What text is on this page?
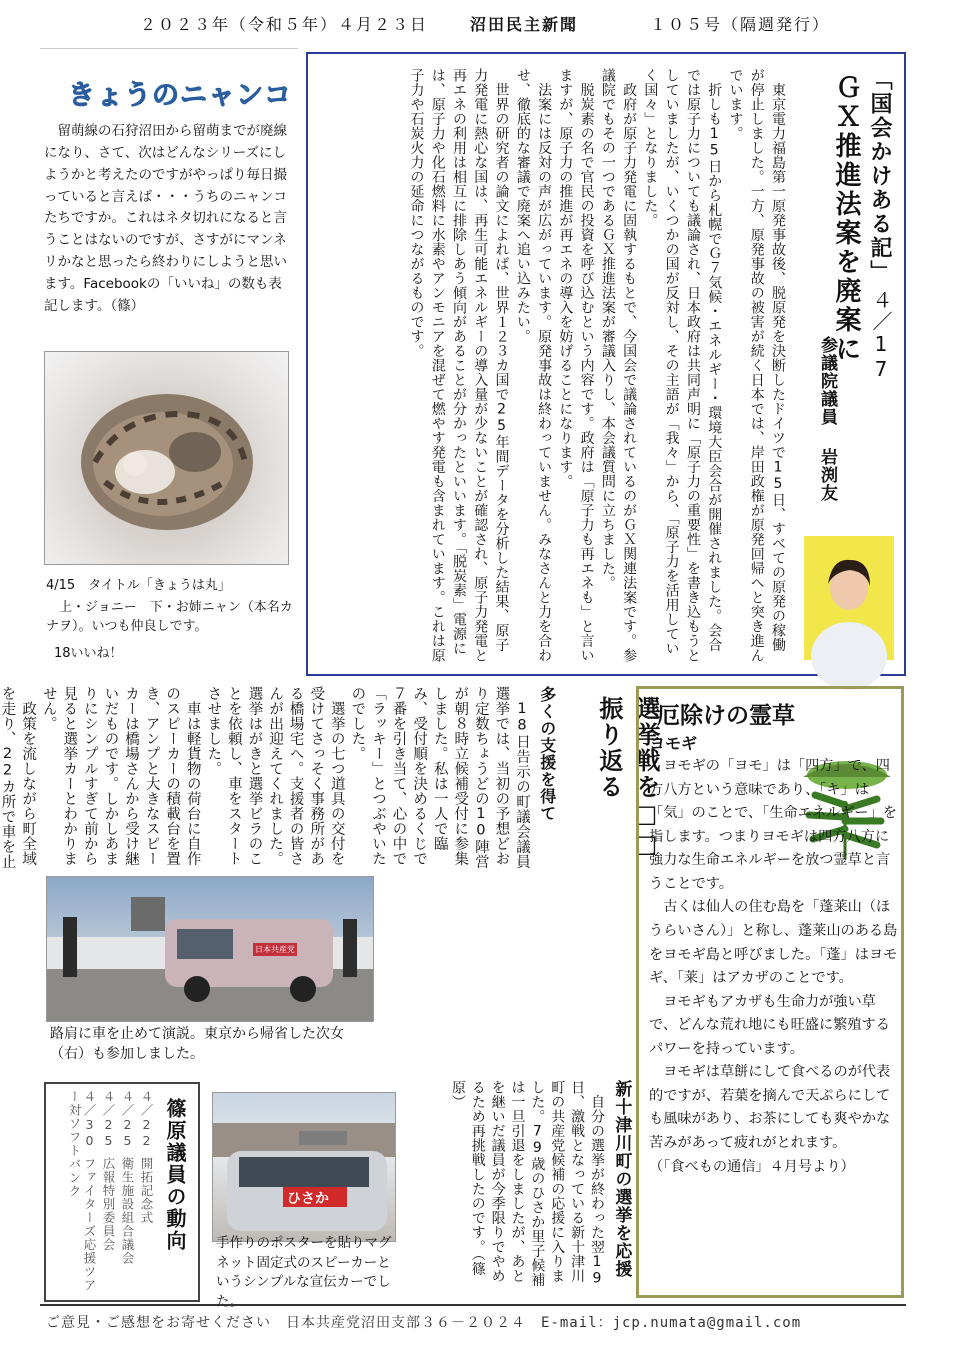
２０２３年（令和５年）４月２３日	沼田民主新聞	１０５号（隔週発行）
きょうのニャンコ
　留萌線の石狩沼田から留萌までが廃線になり、さて、次はどんなシリーズにしようかと考えたのですがやっぱり毎日撮っていると言えば・・・うちのニャンコたちですか。これはネタ切れになると言うことはないのですが、さすがにマンネリかなと思ったら終わりにしようと思います。Facebookの「いいね」の数も表記します。（篠）
4/15　タイトル「きょうは丸」
　上・ジョニー　下・お姉ニャン（本名カナヲ）。いつも仲良しです。
18いいね！
「国会かけある記」
４／17
ＧＸ推進法案を廃案に
参議院議員
岩渕友
　東京電力福島第一原発事故後、脱原発を決断したドイツで15日、すべての原発の稼働が停止しました。一方、原発事故の被害が続く日本では、岸田政権が原発回帰へと突き進んでいます。
　折しも15日から札幌でＧ７気候・エネルギー・環境大臣会合が開催されました。会合では原子力についても議論され、日本政府は共同声明に「原子力の重要性」を書き込もうとしていましたが、いくつかの国が反対し、その主語が「我々」から、「原子力を活用していく国々」となりました。
　政府が原子力発電に固執するもとで、今国会で議論されているのがＧＸ関連法案です。参議院でもその一つであるＧＸ推進法案が審議入りし、本会議質問に立ちました。
　脱炭素の名で官民の投資を呼び込むという内容です。政府は「原子力も再エネも」と言いますが、原子力の推進が再エネの導入を妨げることになります。
　法案には反対の声が広がっています。原発事故は終わっていません。みなさんと力を合わせ、徹底的な審議で廃案へ追い込みたい。
　世界の研究者の論文によれば、世界１２３カ国で25年間データを分析した結果、原子力発電に熱心な国は、再生可能エネルギーの導入量が少ないことが確認され、原子力発電と再エネの利用は相互に排除しあう傾向があることが分かったといいます。「脱炭素」電源には、原子力や化石燃料に水素やアンモニアを混ぜて燃やす発電も含まれています。これは原子力や石炭火力の延命につながるものです。
選挙戦を□□振り返る
多くの支援を得て
　18日告示の町議会議員選挙では、当初の予想どおり定数ちょうどの10陣営が朝８時立候補受付に参集しました。私は一人で臨み、受付順を決めるくじで７番を引き当て、心の中で「ラッキー」とつぶやいたのでした。
　選挙の七つ道具の交付を受けてさっそく事務所がある橋場宅へ。支援者の皆さんが出迎えてくれました。選挙はがきと選挙ビラのことを依頼し、車をスタートさせました。
　車は軽貨物の荷台に自作のスピーカーの積載台を置き、アンプと大きなスピーカーは橋場さんから受け継いだものです。しかしあまりにシンプルすぎて前から見ると選挙カーとわかりません。
　政策を流しながら町全域を走り、22カ所で車を止
日本共産党
路肩に車を止めて演説。東京から帰省した次女（右）も参加しました。
新十津川町の選挙を応援
　自分の選挙が終わった翌19日、激戦となっている新十津川町の共産党候補の応援に入りました。79歳のひさか里子候補は一旦引退をしましたが、あとを継いだ議員が今季限りでやめるため再挑戦したのです。（篠原）
ひさか
手作りのポスターを貼りマグネット固定式のスピーカーというシンプルな宣伝カーでした。
篠原議員の動向
４／22開拓記念式
４／25衛生施設組合議会
４／25広報特別委員会
４／30ファイターズ応援ツアー対ソフトバンク
厄除けの霊草
ヨモギ
　ヨモギの「ヨモ」は「四方」で、四方八方という意味であり、「キ」は「気」のことで、「生命エネルギー」を指します。つまりヨモギは四方八方に強力な生命エネルギーを放つ霊草と言うことです。
　古くは仙人の住む島を「蓬莱山（ほうらいさん）」と称し、蓬莱山のある島をヨモギ島と呼びました。「蓬」はヨモギ、「莱」はアカザのことです。
　ヨモギもアカザも生命力が強い草で、どんな荒れ地にも旺盛に繁殖するパワーを持っています。
　ヨモギは草餅にして食べるのが代表的ですが、若葉を摘んで天ぷらにしても風味があり、お茶にしても爽やかな苦みがあって疲れがとれます。
（「食べもの通信」４月号より）
ご意見・ご感想をお寄せください　日本共産党沼田支部３６－２０２４　E-mail：jcp.numata@gmail.com
